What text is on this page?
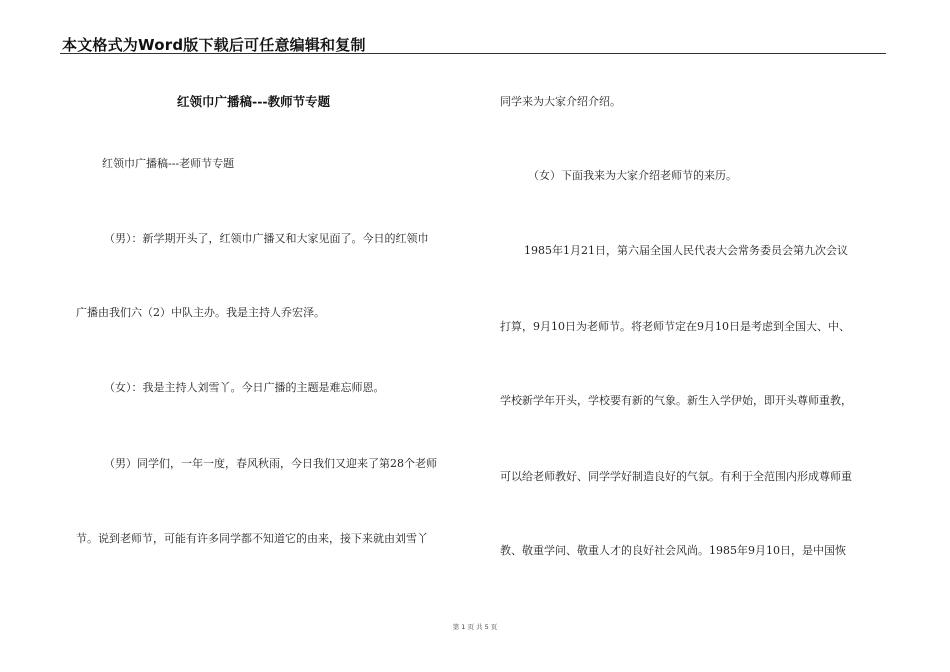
本文格式为Word版下载后可任意编辑和复制
红领巾广播稿---教师节专题
红领巾广播稿---老师节专题
（男）：新学期开头了，红领巾广播又和大家见面了。今日的红领巾
广播由我们六（2）中队主办。我是主持人乔宏泽。
（女）：我是主持人刘雪丫。今日广播的主题是难忘师恩。
（男）同学们，一年一度，春风秋雨，今日我们又迎来了第28个老师
节。说到老师节，可能有许多同学都不知道它的由来，接下来就由刘雪丫
同学来为大家介绍介绍。
（女）下面我来为大家介绍老师节的来历。
1985年1月21日，第六届全国人民代表大会常务委员会第九次会议
打算，9月10日为老师节。将老师节定在9月10日是考虑到全国大、中、
学校新学年开头，学校要有新的气象。新生入学伊始，即开头尊师重教，
可以给老师教好、同学学好制造良好的气氛。有利于全范围内形成尊师重
教、敬重学问、敬重人才的良好社会风尚。1985年9月10日，是中国恢
第 1 页 共 5 页
